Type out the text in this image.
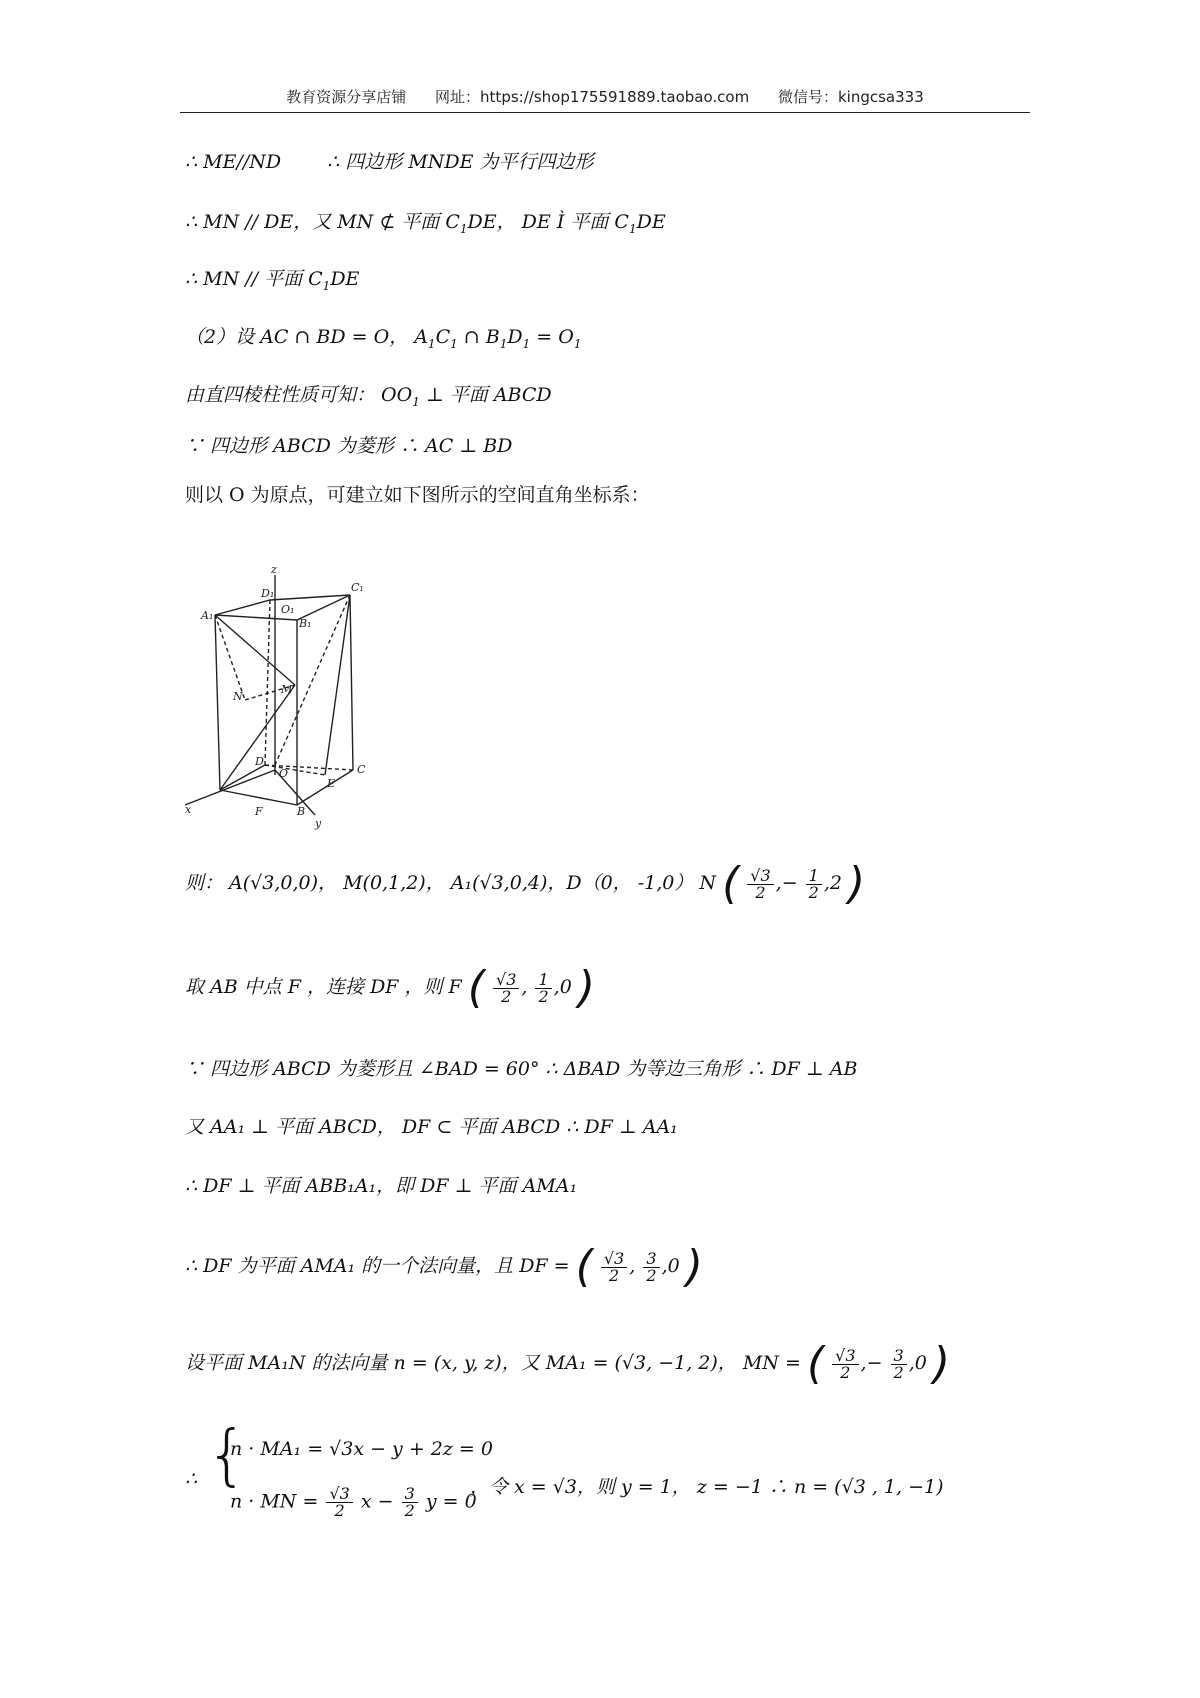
教育资源分享店铺 网址：https://shop175591889.taobao.com 微信号：kingcsa333
∴ ME//ND ∴ 四边形 MNDE 为平行四边形
∴ MN // DE，又 MN ⊄ 平面 $C_1DE$， DE Ì 平面 $C_1DE$
∴ MN // 平面 $C_1DE$
（2）设 AC ∩ BD = O， $A_1C_1$ ∩ $B_1D_1 = O_1$
由直四棱柱性质可知： $OO_1$ ⊥ 平面 ABCD
∵ 四边形 ABCD 为菱形 ∴ AC ⊥ BD
则以 O 为原点，可建立如下图所示的空间直角坐标系：
z
x
y
D₁	C₁
A₁
B₁
O₁
N
M
D
O	C
E
F	B
则： A(√3,0,0)， M(0,1,2)， A₁(√3,0,4)，D（0， -1,0） N ( $\frac{√3}{2}$ ,− $\frac{1}{2} ,2$ )
取 AB 中点 F ，连接 DF ，则 F ( $\frac{√3}{2}$ , $\frac{1}{2} ,0$ )
∵ 四边形 ABCD 为菱形且 ∠BAD = 60° ∴ ΔBAD 为等边三角形 ∴ DF ⊥ AB
又 AA₁ ⊥ 平面 ABCD， DF ⊂ 平面 ABCD ∴ DF ⊥ AA₁
∴ DF ⊥ 平面 ABB₁A₁，即 DF ⊥ 平面 AMA₁
∴ DF 为平面 AMA₁ 的一个法向量，且 DF = ( $\frac{√3}{2}$ , $\frac{3}{2} ,0$ )
设平面 MA₁N 的法向量 n = (x, y, z)，又 MA₁ = (√3, −1, 2)， MN = ( $\frac{√3}{2}$ ,− $\frac{3}{2} ,0$ )
∴ {
n · MA₁ = √3x − y + 2z = 0
n · MN = $\frac{√3}{2}$ $x - \frac{3}{2}$ y = 0
，令 x = √3，则 y = 1， z = −1 ∴ n = (√3 , 1, −1)
